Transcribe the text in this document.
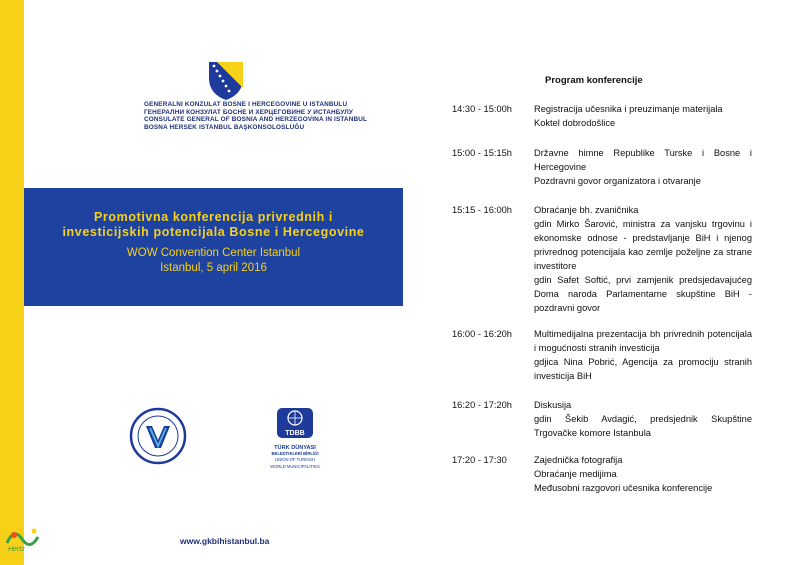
GENERALNI KONZULAT BOSNE I HERCEGOVINE U ISTANBULU
ГЕНЕРАЛНИ КОНЗУЛАТ БОСНЕ И ХЕРЦЕГОВИНЕ У ИСТАНБУЛУ
CONSULATE GENERAL OF BOSNIA AND HERZEGOVINA IN ISTANBUL
BOSNA HERSEK ISTANBUL BAŞKONSOLOSLUĞU
Promotivna konferencija privrednih i
investicijskih potencijala Bosne i Hercegovine
WOW Convention Center Istanbul
Istanbul, 5 april 2016
TDBB
TÜRK DÜNYASI
BELEDİYELERİ BİRLİĞİ
UNION OF TURKISH
WORLD MUNICIPALITIES
Hertz
www.gkbihistanbul.ba
Program konferencije
14:30 - 15:00h	Registracija učesnika i preuzimanje materijala
Koktel dobrodošlice
15:00 - 15:15h	Državne himne Republike Turske i Bosne i Hercegovine
Pozdravni govor organizatora i otvaranje
15:15 - 16:00h	Obraćanje bh. zvaničnika
gdin Mirko Šarović, ministra za vanjsku trgovinu i ekonomske odnose - predstavljanje BiH i njenog privrednog potencijala kao zemlje poželjne za strane investitore
gdin Safet Softić, prvi zamjenik predsjedavajućeg Doma naroda Parlamentarne skupštine BiH - pozdravni govor
16:00 - 16:20h	Multimedijalna prezentacija bh privrednih potencijala i mogućnosti stranih investicija
gdjica Nina Pobrić, Agencija za promociju stranih investicija BiH
16:20 - 17:20h	Diskusija
gdin Šekib Avdagić, predsjednik Skupštine Trgovačke komore Istanbula
17:20 - 17:30	Zajednička fotografija
Obraćanje medijima
Međusobni razgovori učesnika konferencije
